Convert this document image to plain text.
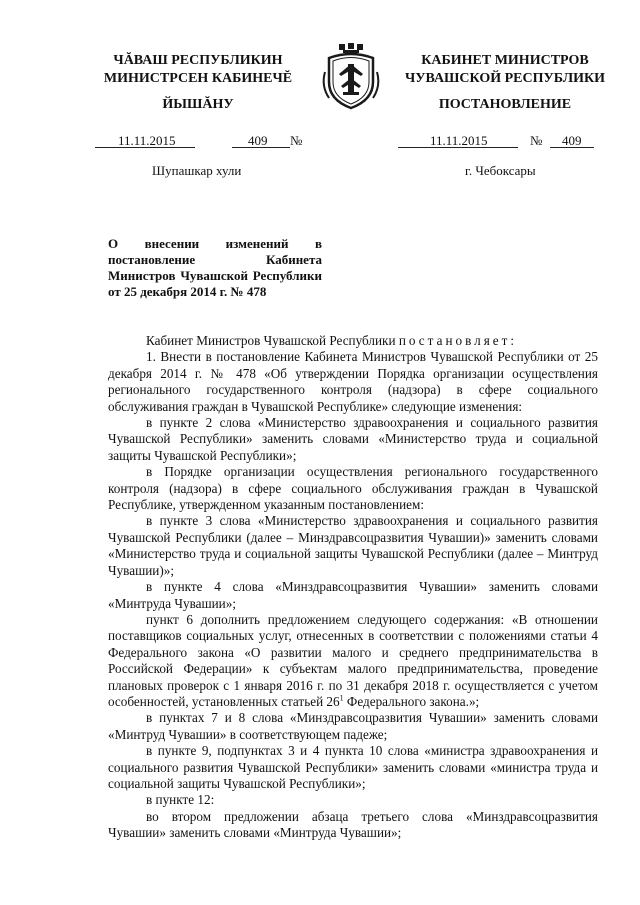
ЧĂВАШ РЕСПУБЛИКИН
МИНИСТРСЕН КАБИНЕЧĔ
ЙЫШĂНУ
КАБИНЕТ МИНИСТРОВ
ЧУВАШСКОЙ РЕСПУБЛИКИ
ПОСТАНОВЛЕНИЕ
11.11.2015	409 №	11.11.2015	№ 409
Шупашкар хули	г. Чебоксары
О внесении изменений в постановление Кабинета Министров Чувашской Республики от 25 декабря 2014 г. № 478

Кабинет Министров Чувашской Республики постановляет:

1. Внести в постановление Кабинета Министров Чувашской Республики от 25 декабря 2014 г. № 478 «Об утверждении Порядка организации осуществления регионального государственного контроля (надзора) в сфере социального обслуживания граждан в Чувашской Республике» следующие изменения:

в пункте 2 слова «Министерство здравоохранения и социального развития Чувашской Республики» заменить словами «Министерство труда и социальной защиты Чувашской Республики»;

в Порядке организации осуществления регионального государственного контроля (надзора) в сфере социального обслуживания граждан в Чувашской Республике, утвержденном указанным постановлением:

в пункте 3 слова «Министерство здравоохранения и социального развития Чувашской Республики (далее – Минздравсоцразвития Чувашии)» заменить словами «Министерство труда и социальной защиты Чувашской Республики (далее – Минтруд Чувашии)»;

в пункте 4 слова «Минздравсоцразвития Чувашии» заменить словами «Минтруда Чувашии»;

пункт 6 дополнить предложением следующего содержания: «В отношении поставщиков социальных услуг, отнесенных в соответствии с положениями статьи 4 Федерального закона «О развитии малого и среднего предпринимательства в Российской Федерации» к субъектам малого предпринимательства, проведение плановых проверок с 1 января 2016 г. по 31 декабря 2018 г. осуществляется с учетом особенностей, установленных статьей $26^1$ Федерального закона.»;

в пунктах 7 и 8 слова «Минздравсоцразвития Чувашии» заменить словами «Минтруд Чувашии» в соответствующем падеже;

в пункте 9, подпунктах 3 и 4 пункта 10 слова «министра здравоохранения и социального развития Чувашской Республики» заменить словами «министра труда и социальной защиты Чувашской Республики»;

в пункте 12:

во втором предложении абзаца третьего слова «Минздравсоцразвития Чувашии» заменить словами «Минтруда Чувашии»;
